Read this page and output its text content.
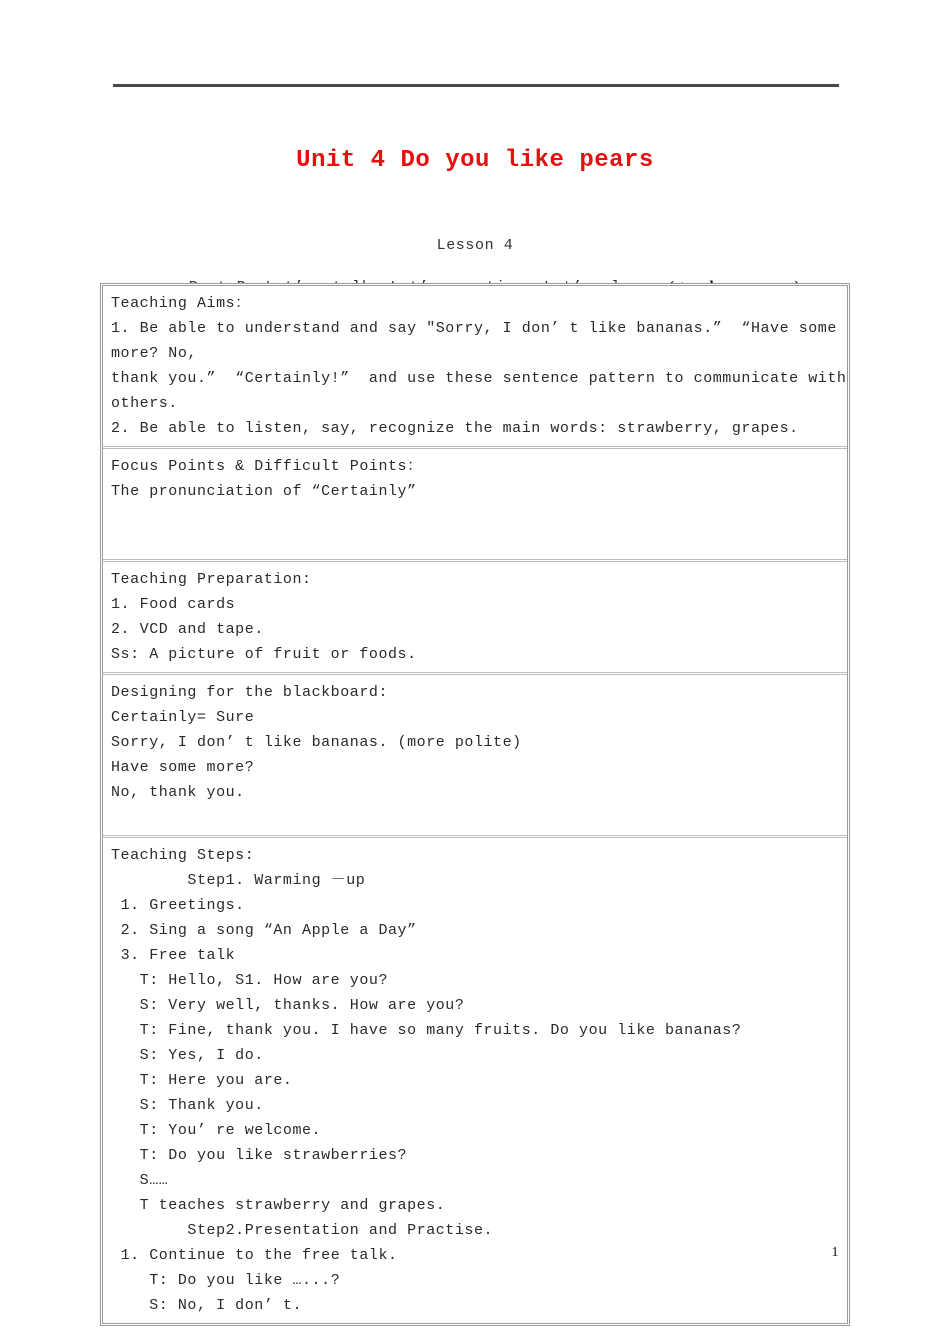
Unit 4 Do you like pears
Lesson 4

Teaching Aims：
1. Be able to understand and say "Sorry, I don’ t like bananas.”  “Have some more? No,
thank you.”  “Certainly!”  and use these sentence pattern to communicate with others.
2. Be able to listen, say, recognize the main words: strawberry, grapes.
Focus Points & Difficult Points：
The pronunciation of “Certainly”
Teaching Preparation:
1. Food cards
2. VCD and tape.
Ss: A picture of fruit or foods.
Designing for the blackboard:
Certainly= Sure
Sorry, I don’ t like bananas. (more polite)
Have some more?
No, thank you.
Teaching Steps:
Step1. Warming －up
1. Greetings.
2. Sing a song “An Apple a Day”
3. Free talk
T: Hello, S1. How are you?
S: Very well, thanks. How are you?
T: Fine, thank you. I have so many fruits. Do you like bananas?
S: Yes, I do.
T: Here you are.
S: Thank you.
T: You’ re welcome.
T: Do you like strawberries?
S……
T teaches strawberry and grapes.
Step2.Presentation and Practise.
1. Continue to the free talk.
T: Do you like …...?
S: No, I don’ t.
1
